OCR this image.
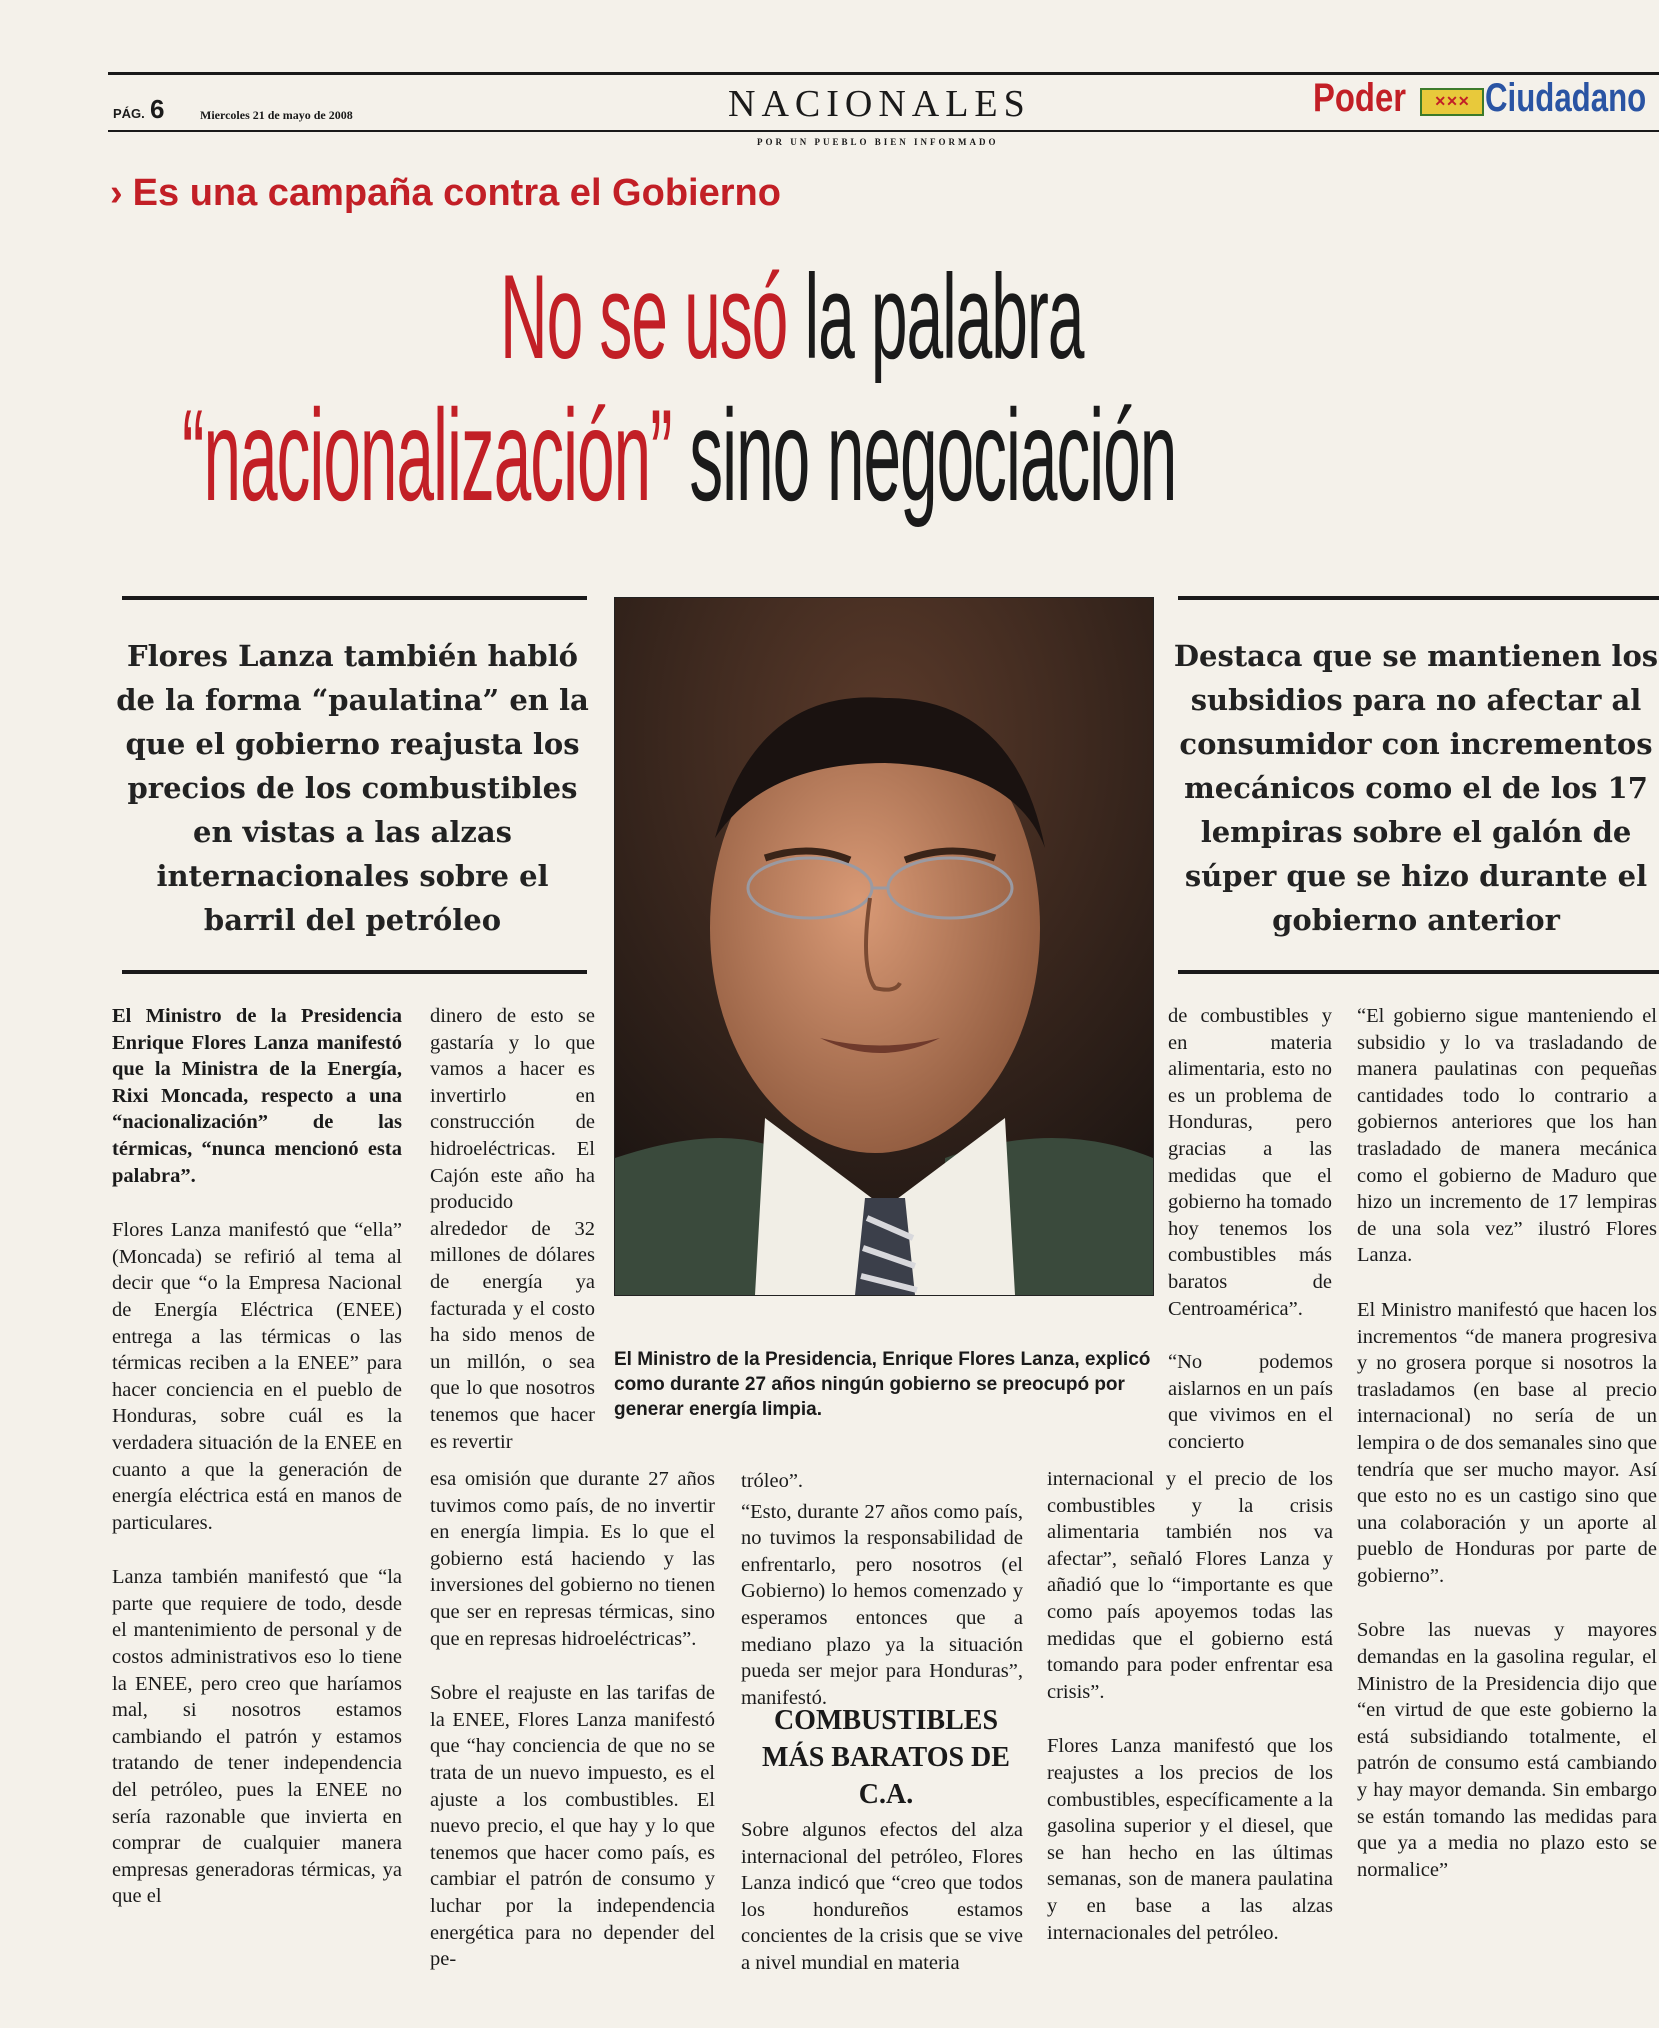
PÁG. 6	Miercoles 21 de mayo de 2008	NACIONALES
POR UN PUEBLO BIEN INFORMADO
Poder	✕✕✕ Ciudadano
› Es una campaña contra el Gobierno
No se usó la palabra
“nacionalización” sino negociación
Flores Lanza también habló de la forma “paulatina” en la que el gobierno reajusta los precios de los combustibles en vistas a las alzas internacionales sobre el barril del petróleo
Destaca que se mantienen los subsidios para no afectar al consumidor con incrementos mecánicos como el de los 17 lempiras sobre el galón de súper que se hizo durante el gobierno anterior
El Ministro de la Presidencia, Enrique Flores Lanza, explicó como durante 27 años ningún gobierno se preocupó por generar energía limpia.

El Ministro de la Presidencia Enrique Flores Lanza manifestó que la Ministra de la Energía, Rixi Moncada, respecto a una “nacionalización” de las térmicas, “nunca mencionó esta palabra”.

Flores Lanza manifestó que “ella” (Moncada) se refirió al tema al decir que “o la Empresa Nacional de Energía Eléctrica (ENEE) entrega a las térmicas o las térmicas reciben a la ENEE” para hacer conciencia en el pueblo de Honduras, sobre cuál es la verdadera situación de la ENEE en cuanto a que la generación de energía eléctrica está en manos de particulares.

Lanza también manifestó que “la parte que requiere de todo, desde el mantenimiento de personal y de costos administrativos eso lo tiene la ENEE, pero creo que haríamos mal, si nosotros estamos cambiando el patrón y estamos tratando de tener independencia del petróleo, pues la ENEE no sería razonable que invierta en comprar de cualquier manera empresas generadoras térmicas, ya que el

dinero de esto se gastaría y lo que vamos a hacer es invertirlo en construcción de hidroeléctricas. El Cajón este año ha producido alrededor de 32 millones de dólares de energía ya facturada y el costo ha sido menos de un millón, o sea que lo que nosotros tenemos que hacer es revertir

esa omisión que durante 27 años tuvimos como país, de no invertir en energía limpia. Es lo que el gobierno está haciendo y las inversiones del gobierno no tienen que ser en represas térmicas, sino que en represas hidroeléctricas”.

Sobre el reajuste en las tarifas de la ENEE, Flores Lanza manifestó que “hay conciencia de que no se trata de un nuevo impuesto, es el ajuste a los combustibles. El nuevo precio, el que hay y lo que tenemos que hacer como país, es cambiar el patrón de consumo y luchar por la independencia energética para no depender del pe-

tróleo”.

“Esto, durante 27 años como país, no tuvimos la responsabilidad de enfrentarlo, pero nosotros (el Gobierno) lo hemos comenzado y esperamos entonces que a mediano plazo ya la situación pueda ser mejor para Honduras”, manifestó.

COMBUSTIBLES MÁS BARATOS DE C.A.

Sobre algunos efectos del alza internacional del petróleo, Flores Lanza indicó que “creo que todos los hondureños estamos concientes de la crisis que se vive a nivel mundial en materia

de combustibles y en materia alimentaria, esto no es un problema de Honduras, pero gracias a las medidas que el gobierno ha tomado hoy tenemos los combustibles más baratos de Centroamérica”.

“No podemos aislarnos en un país que vivimos en el concierto

internacional y el precio de los combustibles y la crisis alimentaria también nos va afectar”, señaló Flores Lanza y añadió que lo “importante es que como país apoyemos todas las medidas que el gobierno está tomando para poder enfrentar esa crisis”.

Flores Lanza manifestó que los reajustes a los precios de los combustibles, específicamente a la gasolina superior y el diesel, que se han hecho en las últimas semanas, son de manera paulatina y en base a las alzas internacionales del petróleo.

“El gobierno sigue manteniendo el subsidio y lo va trasladando de manera paulatinas con pequeñas cantidades todo lo contrario a gobiernos anteriores que los han trasladado de manera mecánica como el gobierno de Maduro que hizo un incremento de 17 lempiras de una sola vez” ilustró Flores Lanza.

El Ministro manifestó que hacen los incrementos “de manera progresiva y no grosera porque si nosotros la trasladamos (en base al precio internacional) no sería de un lempira o de dos semanales sino que tendría que ser mucho mayor. Así que esto no es un castigo sino que una colaboración y un aporte al pueblo de Honduras por parte de gobierno”.

Sobre las nuevas y mayores demandas en la gasolina regular, el Ministro de la Presidencia dijo que “en virtud de que este gobierno la está subsidiando totalmente, el patrón de consumo está cambiando y hay mayor demanda. Sin embargo se están tomando las medidas para que ya a media no plazo esto se normalice”
